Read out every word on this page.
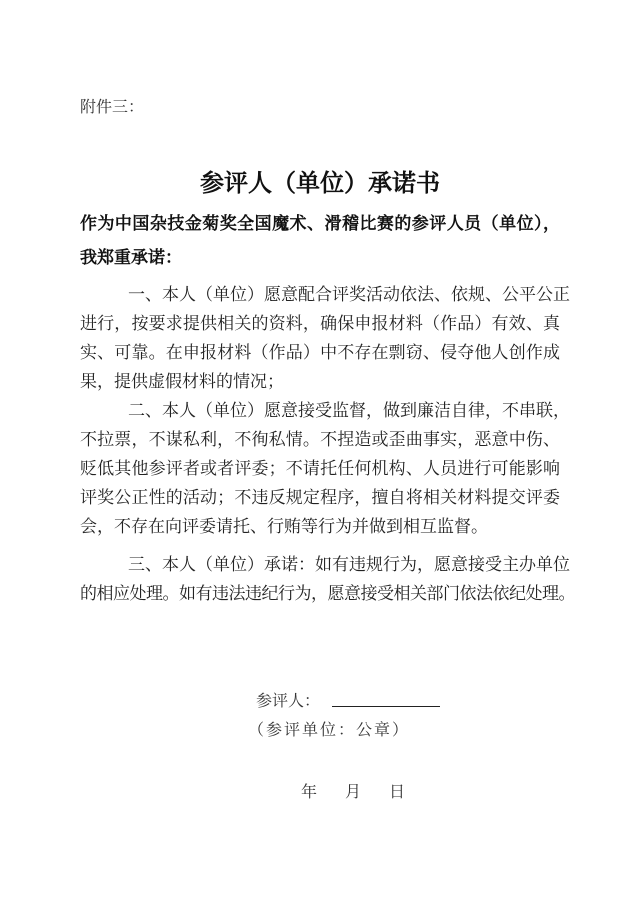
附件三：
参评人（单位）承诺书
作为中国杂技金菊奖全国魔术、滑稽比赛的参评人员（单位），
我郑重承诺：
一、本人（单位）愿意配合评奖活动依法、依规、公平公正
进行，按要求提供相关的资料，确保申报材料（作品）有效、真
实、可靠。在申报材料（作品）中不存在剽窃、侵夺他人创作成
果，提供虚假材料的情况；
二、本人（单位）愿意接受监督，做到廉洁自律，不串联，
不拉票，不谋私利，不徇私情。不捏造或歪曲事实，恶意中伤、
贬低其他参评者或者评委；不请托任何机构、人员进行可能影响
评奖公正性的活动；不违反规定程序，擅自将相关材料提交评委
会，不存在向评委请托、行贿等行为并做到相互监督。
三、本人（单位）承诺：如有违规行为，愿意接受主办单位
的相应处理。如有违法违纪行为，愿意接受相关部门依法依纪处理。
参评人：
（参评单位：公章）
年 月 日
